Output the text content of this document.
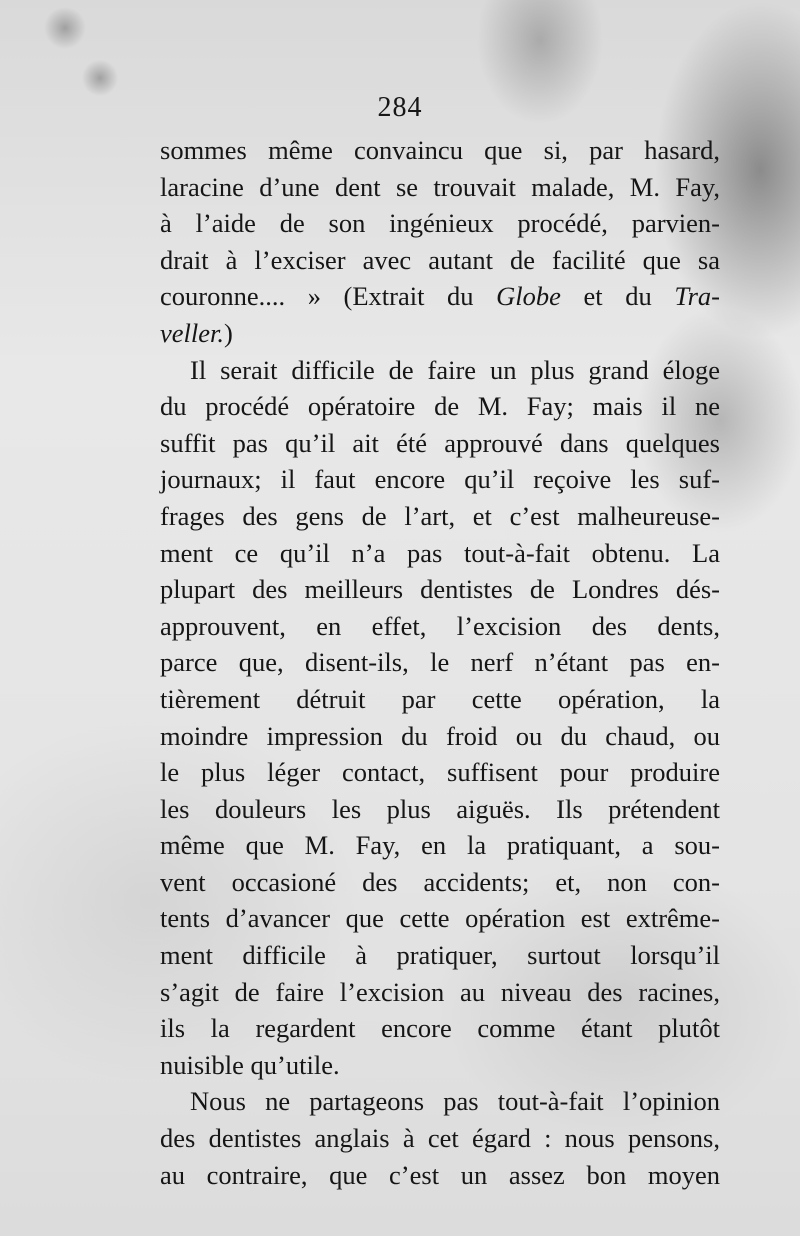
284
sommes même convaincu que si, par hasard,
laracine d’une dent se trouvait malade, M. Fay,
à l’aide de son ingénieux procédé, parvien-
drait à l’exciser avec autant de facilité que sa
couronne.... » (Extrait du Globe et du Tra-
veller.)
Il serait difficile de faire un plus grand éloge
du procédé opératoire de M. Fay; mais il ne
suffit pas qu’il ait été approuvé dans quelques
journaux; il faut encore qu’il reçoive les suf-
frages des gens de l’art, et c’est malheureuse-
ment ce qu’il n’a pas tout-à-fait obtenu. La
plupart des meilleurs dentistes de Londres dés-
approuvent, en effet, l’excision des dents,
parce que, disent-ils, le nerf n’étant pas en-
tièrement détruit par cette opération, la
moindre impression du froid ou du chaud, ou
le plus léger contact, suffisent pour produire
les douleurs les plus aiguës. Ils prétendent
même que M. Fay, en la pratiquant, a sou-
vent occasioné des accidents; et, non con-
tents d’avancer que cette opération est extrême-
ment difficile à pratiquer, surtout lorsqu’il
s’agit de faire l’excision au niveau des racines,
ils la regardent encore comme étant plutôt
nuisible qu’utile.
Nous ne partageons pas tout-à-fait l’opinion
des dentistes anglais à cet égard : nous pensons,
au contraire, que c’est un assez bon moyen
